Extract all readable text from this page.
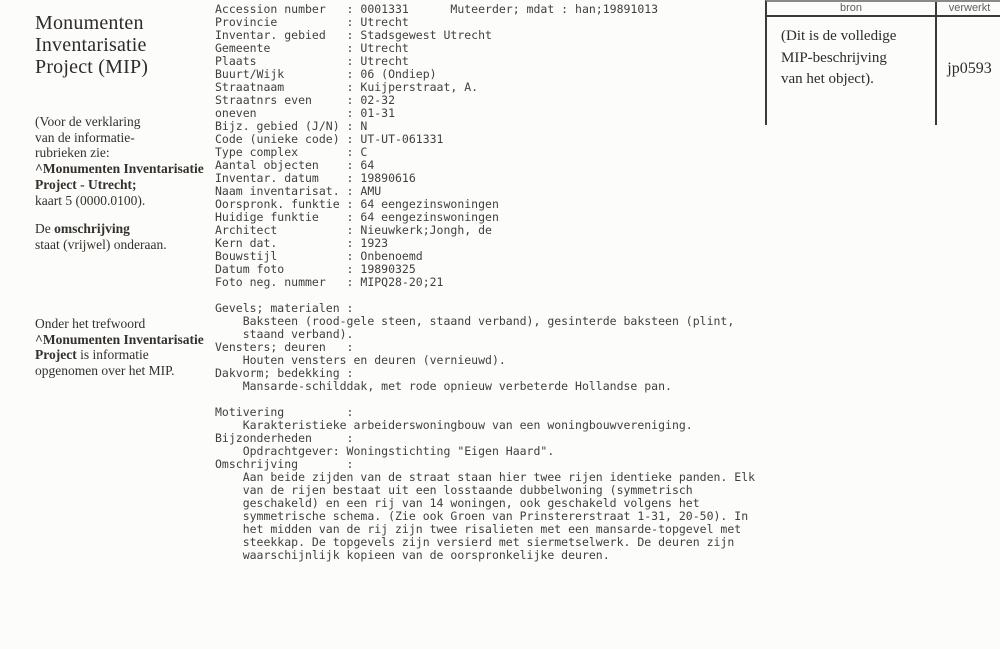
Monumenten
Inventarisatie
Project (MIP)
(Voor de verklaring
van de informatie-
rubrieken zie:
^Monumenten Inventarisatie
Project - Utrecht;
kaart 5 (0000.0100).
De omschrijving
staat (vrijwel) onderaan.
Onder het trefwoord
^Monumenten Inventarisatie
Project is informatie
opgenomen over het MIP.
Accession number   : 0001331      Muteerder; mdat : han;19891013
Provincie          : Utrecht
Inventar. gebied   : Stadsgewest Utrecht
Gemeente           : Utrecht
Plaats             : Utrecht
Buurt/Wijk         : 06 (Ondiep)
Straatnaam         : Kuijperstraat, A.
Straatnrs even     : 02-32
oneven             : 01-31
Bijz. gebied (J/N) : N
Code (unieke code) : UT-UT-061331
Type complex       : C
Aantal objecten    : 64
Inventar. datum    : 19890616
Naam inventarisat. : AMU
Oorspronk. funktie : 64 eengezinswoningen
Huidige funktie    : 64 eengezinswoningen
Architect          : Nieuwkerk;Jongh, de
Kern dat.          : 1923
Bouwstijl          : Onbenoemd
Datum foto         : 19890325
Foto neg. nummer   : MIPQ28-20;21
Gevels; materialen :
Baksteen (rood-gele steen, staand verband), gesinterde baksteen (plint,
staand verband).
Vensters; deuren   :
Houten vensters en deuren (vernieuwd).
Dakvorm; bedekking :
Mansarde-schilddak, met rode opnieuw verbeterde Hollandse pan.
Motivering         :
Karakteristieke arbeiderswoningbouw van een woningbouwvereniging.
Bijzonderheden     :
Opdrachtgever: Woningstichting "Eigen Haard".
Omschrijving       :
Aan beide zijden van de straat staan hier twee rijen identieke panden. Elk
van de rijen bestaat uit een losstaande dubbelwoning (symmetrisch
geschakeld) en een rij van 14 woningen, ook geschakeld volgens het
symmetrische schema. (Zie ook Groen van Prinstererstraat 1-31, 20-50). In
het midden van de rij zijn twee risalieten met een mansarde-topgevel met
steekkap. De topgevels zijn versierd met siermetselwerk. De deuren zijn
waarschijnlijk kopieen van de oorspronkelijke deuren.
bron
(Dit is de volledige
MIP-beschrijving
van het object).
verwerkt
jp0593
